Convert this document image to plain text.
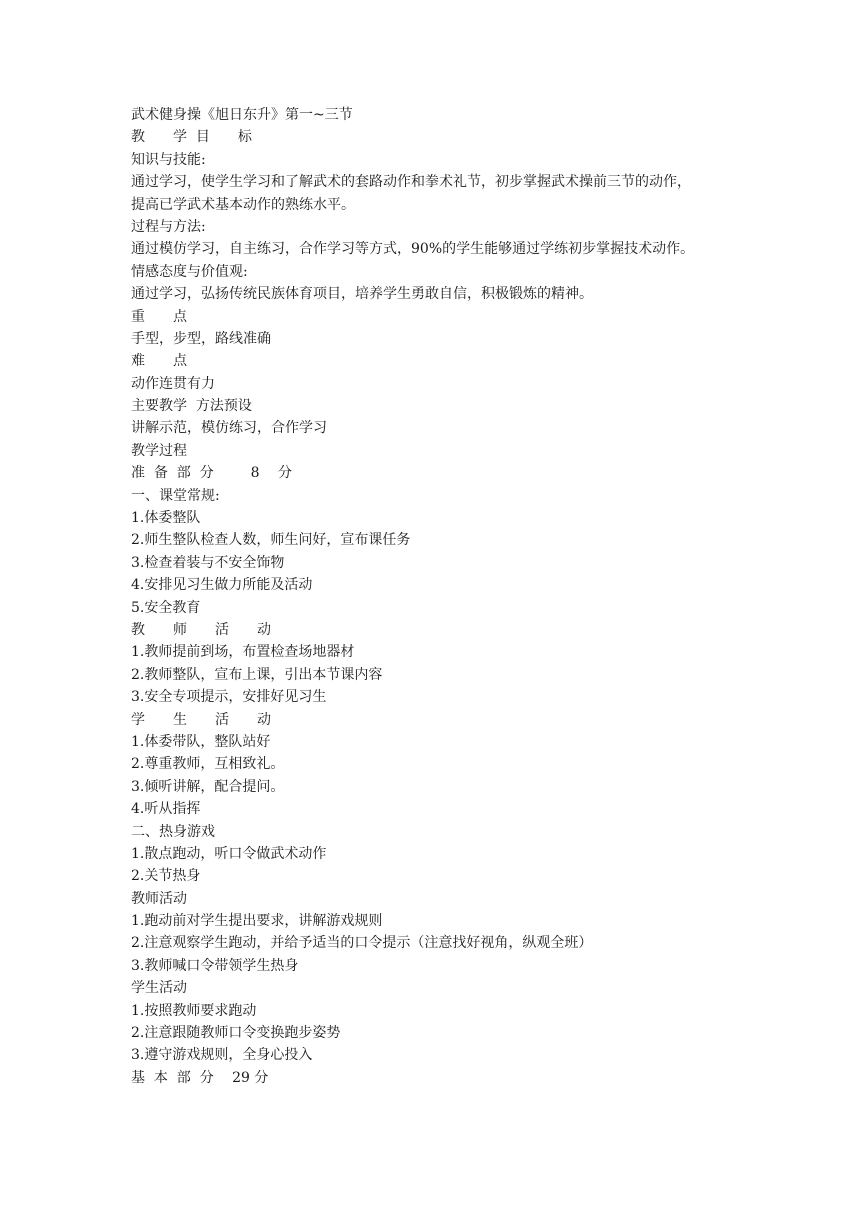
武术健身操《旭日东升》第一~三节
教　　学  目　　标
知识与技能:
通过学习，使学生学习和了解武术的套路动作和拳术礼节，初步掌握武术操前三节的动作，
提高已学武术基本动作的熟练水平。
过程与方法:
通过模仿学习，自主练习，合作学习等方式，90%的学生能够通过学练初步掌握技术动作。
情感态度与价值观:
通过学习，弘扬传统民族体育项目，培养学生勇敢自信，积极锻炼的精神。
重　　点
手型，步型，路线准确
难　　点
动作连贯有力
主要教学  方法预设
讲解示范，模仿练习，合作学习
教学过程
准  备  部  分　　  8　 分
一、课堂常规:
1.体委整队
2.师生整队检查人数，师生问好，宣布课任务
3.检查着装与不安全饰物
4.安排见习生做力所能及活动
5.安全教育
教　　师　　活　　动
1.教师提前到场，布置检查场地器材
2.教师整队，宣布上课，引出本节课内容
3.安全专项提示，安排好见习生
学　　生　　活　　动
1.体委带队，整队站好
2.尊重教师，互相致礼。
3.倾听讲解，配合提问。
4.听从指挥
二、热身游戏
1.散点跑动，听口令做武术动作
2.关节热身
教师活动
1.跑动前对学生提出要求，讲解游戏规则
2.注意观察学生跑动，并给予适当的口令提示（注意找好视角，纵观全班）
3.教师喊口令带领学生热身
学生活动
1.按照教师要求跑动
2.注意跟随教师口令变换跑步姿势
3.遵守游戏规则，全身心投入
基  本  部  分　 29 分
